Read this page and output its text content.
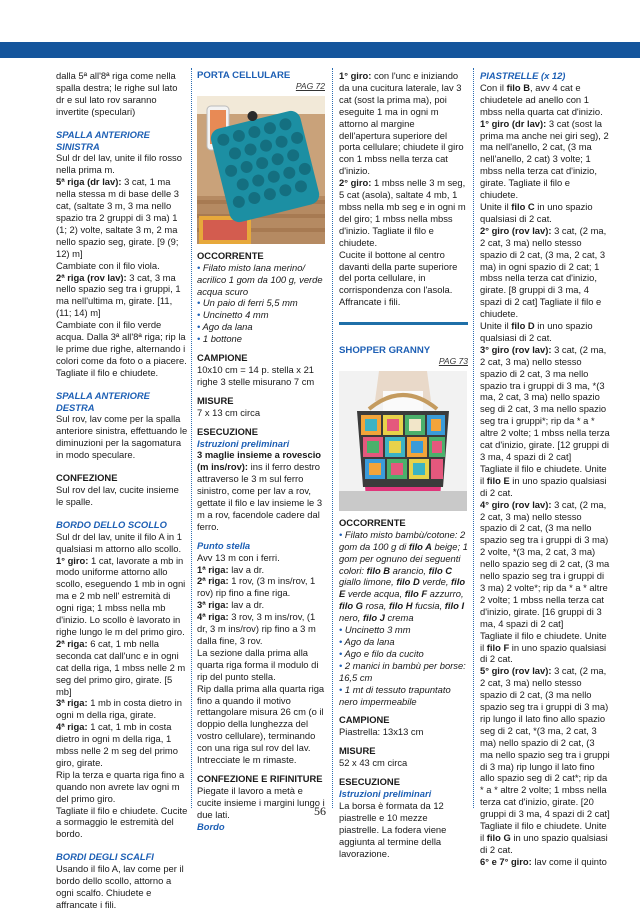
dalla 5ª all'8ª riga come nella spalla destra; le righe sul lato dr e sul lato rov saranno invertite (speculari)

SPALLA ANTERIORE SINISTRA

Sul dr del lav, unite il filo rosso nella prima m.

5ª riga (dr lav): 3 cat, 1 ma nella stessa m di base delle 3 cat, (saltate 3 m, 3 ma nello spazio tra 2 gruppi di 3 ma) 1 (1; 2) volte, saltate 3 m, 2 ma nello spazio seg, girate. [9 (9; 12) m]

Cambiate con il filo viola.

2ª riga (rov lav): 3 cat, 3 ma nello spazio seg tra i gruppi, 1 ma nell'ultima m, girate. [11, (11; 14) m]

Cambiate con il filo verde acqua. Dalla 3ª all'8ª riga; rip la le prime due righe, alternando i colori come da foto o a piacere. Tagliate il filo e chiudete.

SPALLA ANTERIORE DESTRA

Sul rov, lav come per la spalla anteriore sinistra, effettuando le diminuzioni per la sagomatura in modo speculare.

CONFEZIONE

Sul rov del lav, cucite insieme le spalle.

BORDO DELLO SCOLLO

Sul dr del lav, unite il filo A in 1 qualsiasi m attorno allo scollo.

1° giro: 1 cat, lavorate a mb in modo uniforme attorno allo scollo, eseguendo 1 mb in ogni ma e 2 mb nell' estremità di ogni riga; 1 mbss nella mb d'inizio. Lo scollo è lavorato in righe lungo le m del primo giro.

2ª riga: 6 cat, 1 mb nella seconda cat dall'unc e in ogni cat della riga, 1 mbss nelle 2 m seg del primo giro, girate. [5 mb]

3ª riga: 1 mb in costa dietro in ogni m della riga, girate.

4ª riga: 1 cat, 1 mb in costa dietro in ogni m della riga, 1 mbss nelle 2 m seg del primo giro, girate.

Rip la terza e quarta riga fino a quando non avrete lav ogni m del primo giro.

Tagliate il filo e chiudete. Cucite a sormaggio le estremità del bordo.

BORDI DEGLI SCALFI

Usando il filo A, lav come per il bordo dello scollo, attorno a ogni scalfo. Chiudete e affrancate i fili.

PORTA CELLULARE

PAG 72

OCCORRENTE

• Filato misto lana merino/ acrilico 1 gom da 100 g, verde acqua scuro

• Un paio di ferri 5,5 mm

• Uncinetto 4 mm

• Ago da lana

• 1 bottone

CAMPIONE

10x10 cm = 14 p. stella x 21 righe 3 stelle misurano 7 cm

MISURE

7 x 13 cm circa

ESECUZIONE

Istruzioni preliminari

3 maglie insieme a rovescio (m ins/rov): ins il ferro destro attraverso le 3 m sul ferro sinistro, come per lav a rov, gettate il filo e lav insieme le 3 m a rov, facendole cadere dal ferro.

Punto stella

Avv 13 m con i ferri.

1ª riga: lav a dr.

2ª riga: 1 rov, (3 m ins/rov, 1 rov) rip fino a fine riga.

3ª riga: lav a dr.

4ª riga: 3 rov, 3 m ins/rov, (1 dr, 3 m ins/rov) rip fino a 3 m dalla fine, 3 rov.

La sezione dalla prima alla quarta riga forma il modulo di rip del punto stella.

Rip dalla prima alla quarta riga fino a quando il motivo rettangolare misura 26 cm (o il doppio della lunghezza del vostro cellulare), terminando con una riga sul rov del lav.

Intrecciate le m rimaste.

CONFEZIONE E RIFINITURE

Piegate il lavoro a metà e cucite insieme i margini lungo i due lati.

Bordo

1° giro: con l'unc e iniziando da una cucitura laterale, lav 3 cat (sost la prima ma), poi eseguite 1 ma in ogni m attorno al margine dell'apertura superiore del porta cellulare; chiudete il giro con 1 mbss nella terza cat d'inizio.

2° giro: 1 mbss nelle 3 m seg, 5 cat (asola), saltate 4 mb, 1 mbss nella mb seg e in ogni m del giro; 1 mbss nella mbss d'inizio. Tagliate il filo e chiudete.

Cucite il bottone al centro davanti della parte superiore del porta cellulare, in corrispondenza con l'asola. Affrancate i fili.

SHOPPER GRANNY

PAG 73

OCCORRENTE

• Filato misto bambù/cotone: 2 gom da 100 g di filo A beige; 1 gom per ognuno dei seguenti colori: filo B arancio, filo C giallo limone, filo D verde, filo E verde acqua, filo F azzurro, filo G rosa, filo H fucsia, filo I nero, filo J crema

• Uncinetto 3 mm

• Ago da lana

• Ago e filo da cucito

• 2 manici in bambù per borse: 16,5 cm

• 1 mt di tessuto trapuntato nero impermeabile

CAMPIONE

Piastrella: 13x13 cm

MISURE

52 x 43 cm circa

ESECUZIONE

Istruzioni preliminari

La borsa è formata da 12 piastrelle e 10 mezze piastrelle. La fodera viene aggiunta al termine della lavorazione.

PIASTRELLE (x 12)

Con il filo B, avv 4 cat e chiudetele ad anello con 1 mbss nella quarta cat d'inizio.

1° giro (dr lav): 3 cat (sost la prima ma anche nei giri seg), 2 ma nell'anello, 2 cat, (3 ma nell'anello, 2 cat) 3 volte; 1 mbss nella terza cat d'inizio, girate. Tagliate il filo e chiudete.

Unite il filo C in uno spazio qualsiasi di 2 cat.

2° giro (rov lav): 3 cat, (2 ma, 2 cat, 3 ma) nello stesso spazio di 2 cat, (3 ma, 2 cat, 3 ma) in ogni spazio di 2 cat; 1 mbss nella terza cat d'inizio, girate. [8 gruppi di 3 ma, 4 spazi di 2 cat] Tagliate il filo e chiudete.

Unite il filo D in uno spazio qualsiasi di 2 cat.

3° giro (rov lav): 3 cat, (2 ma, 2 cat, 3 ma) nello stesso spazio di 2 cat, 3 ma nello spazio tra i gruppi di 3 ma, *(3 ma, 2 cat, 3 ma) nello spazio seg di 2 cat, 3 ma nello spazio seg tra i gruppi*; rip da * a * altre 2 volte; 1 mbss nella terza cat d'inizio, girate. [12 gruppi di 3 ma, 4 spazi di 2 cat]

Tagliate il filo e chiudete. Unite il filo E in uno spazio qualsiasi di 2 cat.

4° giro (rov lav): 3 cat, (2 ma, 2 cat, 3 ma) nello stesso spazio di 2 cat, (3 ma nello spazio seg tra i gruppi di 3 ma) 2 volte, *(3 ma, 2 cat, 3 ma) nello spazio seg di 2 cat, (3 ma nello spazio seg tra i gruppi di 3 ma) 2 volte*; rip da * a * altre 2 volte; 1 mbss nella terza cat d'inizio, girate. [16 gruppi di 3 ma, 4 spazi di 2 cat]

Tagliate il filo e chiudete. Unite il filo F in uno spazio qualsiasi di 2 cat.

5° giro (rov lav): 3 cat, (2 ma, 2 cat, 3 ma) nello stesso spazio di 2 cat, (3 ma nello spazio seg tra i gruppi di 3 ma) rip lungo il lato fino allo spazio seg di 2 cat, *(3 ma, 2 cat, 3 ma) nello spazio di 2 cat, (3 ma nello spazio seg tra i gruppi di 3 ma) rip lungo il lato fino allo spazio seg di 2 cat*; rip da * a * altre 2 volte; 1 mbss nella terza cat d'inizio, girate. [20 gruppi di 3 ma, 4 spazi di 2 cat]

Tagliate il filo e chiudete. Unite il filo G in uno spazio qualsiasi di 2 cat.

6° e 7° giro: lav come il quinto

56
